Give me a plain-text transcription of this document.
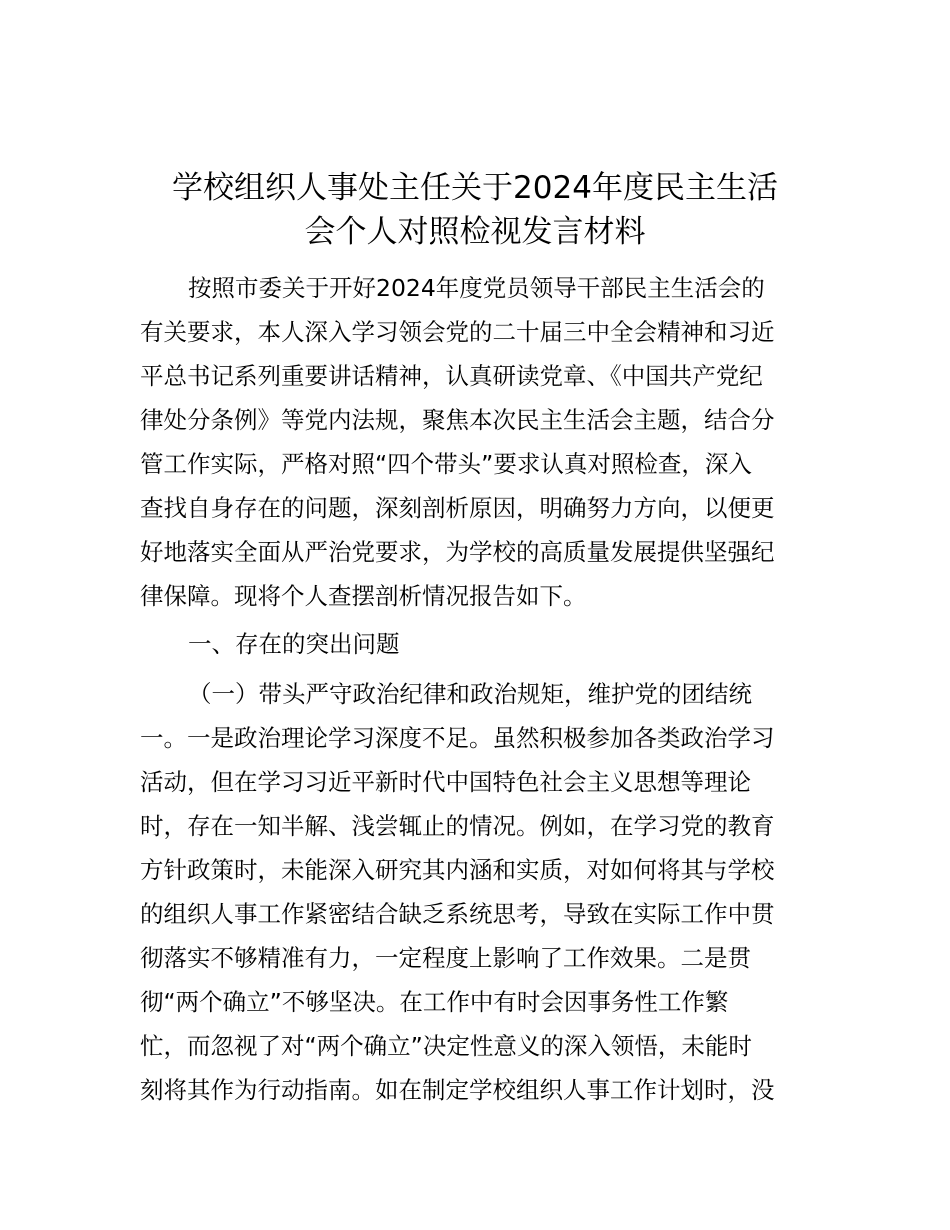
学校组织人事处主任关于2024年度民主生活
会个人对照检视发言材料
按照市委关于开好2024年度党员领导干部民主生活会的
有关要求，本人深入学习领会党的二十届三中全会精神和习近
平总书记系列重要讲话精神，认真研读党章、《中国共产党纪
律处分条例》等党内法规，聚焦本次民主生活会主题，结合分
管工作实际，严格对照“四个带头”要求认真对照检查，深入
查找自身存在的问题，深刻剖析原因，明确努力方向，以便更
好地落实全面从严治党要求，为学校的高质量发展提供坚强纪
律保障。现将个人查摆剖析情况报告如下。
一、存在的突出问题
（一）带头严守政治纪律和政治规矩，维护党的团结统
一。一是政治理论学习深度不足。虽然积极参加各类政治学习
活动，但在学习习近平新时代中国特色社会主义思想等理论
时，存在一知半解、浅尝辄止的情况。例如，在学习党的教育
方针政策时，未能深入研究其内涵和实质，对如何将其与学校
的组织人事工作紧密结合缺乏系统思考，导致在实际工作中贯
彻落实不够精准有力，一定程度上影响了工作效果。二是贯
彻“两个确立”不够坚决。在工作中有时会因事务性工作繁
忙，而忽视了对“两个确立”决定性意义的深入领悟，未能时
刻将其作为行动指南。如在制定学校组织人事工作计划时，没
